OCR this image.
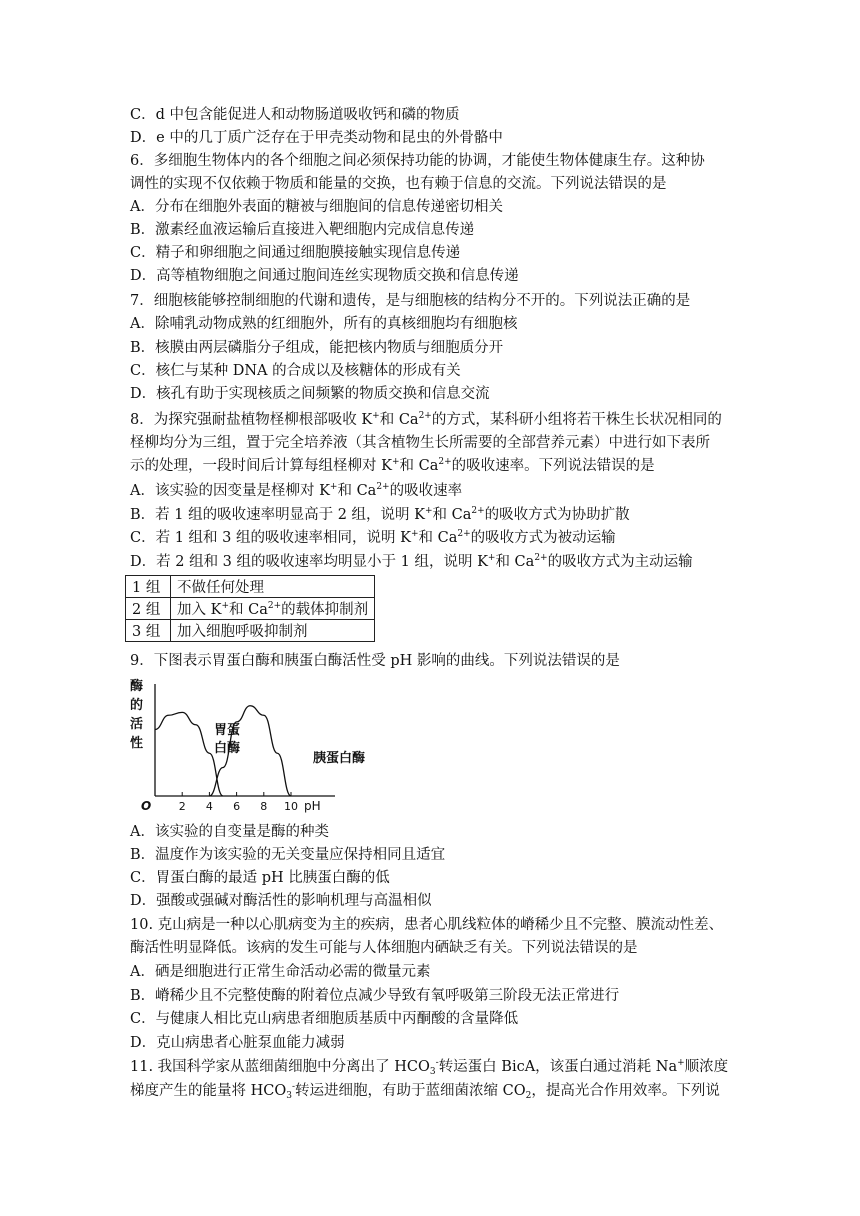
C．d 中包含能促进人和动物肠道吸收钙和磷的物质
D．e 中的几丁质广泛存在于甲壳类动物和昆虫的外骨骼中
6．多细胞生物体内的各个细胞之间必须保持功能的协调，才能使生物体健康生存。这种协
调性的实现不仅依赖于物质和能量的交换，也有赖于信息的交流。下列说法错误的是
A．分布在细胞外表面的糖被与细胞间的信息传递密切相关
B．激素经血液运输后直接进入靶细胞内完成信息传递
C．精子和卵细胞之间通过细胞膜接触实现信息传递
D．高等植物细胞之间通过胞间连丝实现物质交换和信息传递
7．细胞核能够控制细胞的代谢和遗传，是与细胞核的结构分不开的。下列说法正确的是
A．除哺乳动物成熟的红细胞外，所有的真核细胞均有细胞核
B．核膜由两层磷脂分子组成，能把核内物质与细胞质分开
C．核仁与某种 DNA 的合成以及核糖体的形成有关
D．核孔有助于实现核质之间频繁的物质交换和信息交流
8．为探究强耐盐植物柽柳根部吸收 K+和 $Ca^{2+}$的方式，某科研小组将若干株生长状况相同的
柽柳均分为三组，置于完全培养液（其含植物生长所需要的全部营养元素）中进行如下表所
示的处理，一段时间后计算每组柽柳对 K+和 $Ca^{2+}$的吸收速率。下列说法错误的是
A．该实验的因变量是柽柳对 K+和 $Ca^{2+}$的吸收速率
B．若 1 组的吸收速率明显高于 2 组，说明 K+和 $Ca^{2+}$的吸收方式为协助扩散
C．若 1 组和 3 组的吸收速率相同，说明 K+和 $Ca^{2+}$的吸收方式为被动运输
D．若 2 组和 3 组的吸收速率均明显小于 1 组，说明 K+和 $Ca^{2+}$的吸收方式为主动运输
1 组	不做任何处理
2 组	加入 K+和 $Ca^{2+}$的载体抑制剂
3 组	加入细胞呼吸抑制剂
9．下图表示胃蛋白酶和胰蛋白酶活性受 pH 影响的曲线。下列说法错误的是
酶
的
活
性
2 4 6 8 10
O	pH
胃蛋
白酶
胰蛋白酶
A．该实验的自变量是酶的种类
B．温度作为该实验的无关变量应保持相同且适宜
C．胃蛋白酶的最适 pH 比胰蛋白酶的低
D．强酸或强碱对酶活性的影响机理与高温相似
10. 克山病是一种以心肌病变为主的疾病，患者心肌线粒体的嵴稀少且不完整、膜流动性差、
酶活性明显降低。该病的发生可能与人体细胞内硒缺乏有关。下列说法错误的是
A．硒是细胞进行正常生命活动必需的微量元素
B．嵴稀少且不完整使酶的附着位点减少导致有氧呼吸第三阶段无法正常进行
C．与健康人相比克山病患者细胞质基质中丙酮酸的含量降低
D．克山病患者心脏泵血能力减弱
11. 我国科学家从蓝细菌细胞中分离出了 $HCO_3^-$转运蛋白 BicA，该蛋白通过消耗 Na+顺浓度
梯度产生的能量将 $HCO_3^-$转运进细胞，有助于蓝细菌浓缩 $CO_2$，提高光合作用效率。下列说
